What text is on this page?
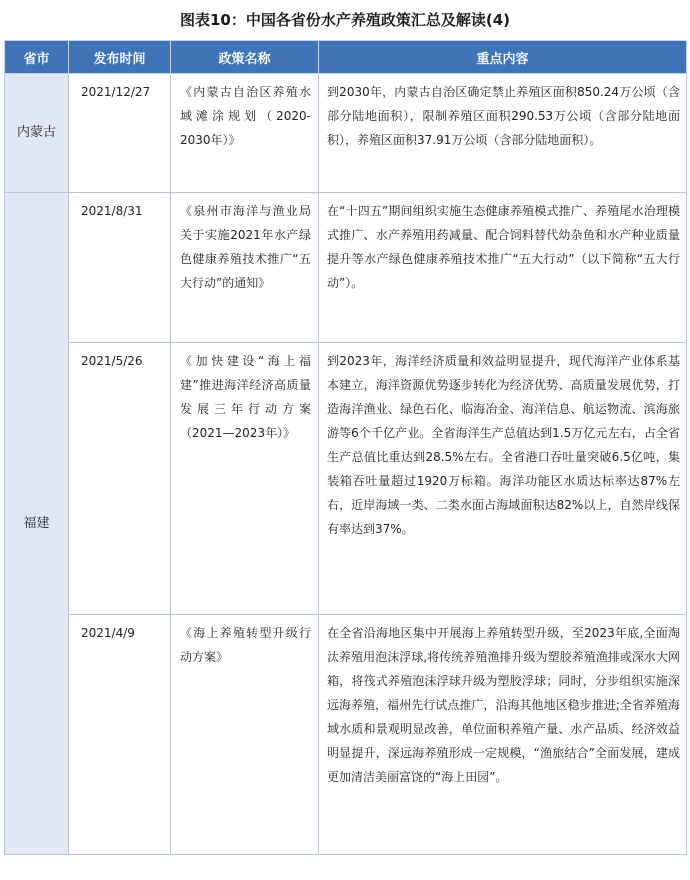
图表10：中国各省份水产养殖政策汇总及解读(4)
省市	发布时间	政策名称	重点内容
内蒙古	2021/12/27	《内蒙古自治区养殖水域滩涂规划（2020-2030年）》	到2030年，内蒙古自治区确定禁止养殖区面积850.24万公顷（含部分陆地面积），限制养殖区面积290.53万公顷（含部分陆地面积），养殖区面积37.91万公顷（含部分陆地面积）。
福建	2021/8/31	《泉州市海洋与渔业局关于实施2021年水产绿色健康养殖技术推广“五大行动”的通知》	在“十四五”期间组织实施生态健康养殖模式推广、养殖尾水治理模式推广、水产养殖用药减量、配合饲料替代幼杂鱼和水产种业质量提升等水产绿色健康养殖技术推广“五大行动”（以下简称“五大行动”）。
	2021/5/26	《加快建设“海上福建”推进海洋经济高质量发展三年行动方案（2021—2023年）》	到2023年，海洋经济质量和效益明显提升，现代海洋产业体系基本建立，海洋资源优势逐步转化为经济优势、高质量发展优势，打造海洋渔业、绿色石化、临海冶金、海洋信息、航运物流、滨海旅游等6个千亿产业。全省海洋生产总值达到1.5万亿元左右，占全省生产总值比重达到28.5%左右。全省港口吞吐量突破6.5亿吨，集装箱吞吐量超过1920万标箱。海洋功能区水质达标率达87%左右，近岸海域一类、二类水面占海域面积达82%以上，自然岸线保有率达到37%。
	2021/4/9	《海上养殖转型升级行动方案》	在全省沿海地区集中开展海上养殖转型升级，至2023年底,全面淘汰养殖用泡沫浮球,将传统养殖渔排升级为塑胶养殖渔排或深水大网箱，将筏式养殖泡沫浮球升级为塑胶浮球；同时，分步组织实施深远海养殖，福州先行试点推广，沿海其他地区稳步推进;全省养殖海域水质和景观明显改善，单位面积养殖产量、水产品质、经济效益明显提升，深远海养殖形成一定规模，“渔旅结合”全面发展，建成更加清洁美丽富饶的“海上田园”。
